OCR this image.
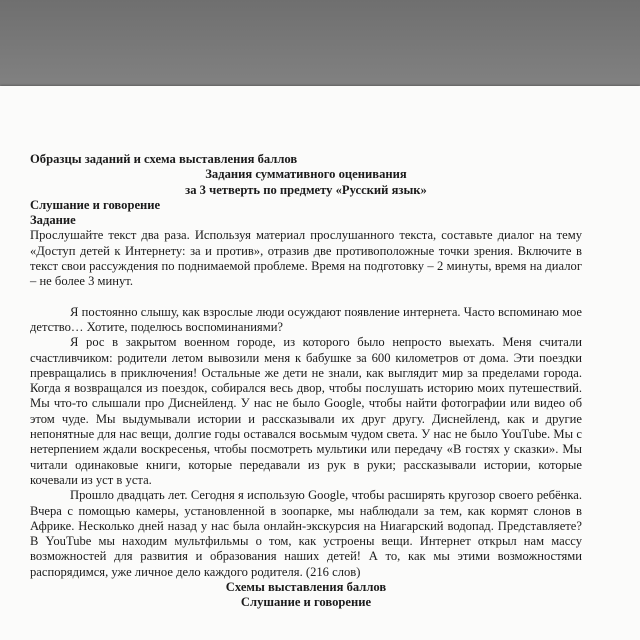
Образцы заданий и схема выставления баллов

Задания суммативного оценивания

за 3 четверть по предмету «Русский язык»

Слушание и говорение

Задание

Прослушайте текст два раза. Используя материал прослушанного текста, составьте диалог на тему «Доступ детей к Интернету: за и против», отразив две противоположные точки зрения. Включите в текст свои рассуждения по поднимаемой проблеме. Время на подготовку – 2 минуты, время на диалог – не более 3 минут.

Я постоянно слышу, как взрослые люди осуждают появление интернета. Часто вспоминаю мое детство… Хотите, поделюсь воспоминаниями?

Я рос в закрытом военном городе, из которого было непросто выехать. Меня считали счастливчиком: родители летом вывозили меня к бабушке за 600 километров от дома. Эти поездки превращались в приключения! Остальные же дети не знали, как выглядит мир за пределами города. Когда я возвращался из поездок, собирался весь двор, чтобы послушать историю моих путешествий. Мы что-то слышали про Диснейленд. У нас не было Google, чтобы найти фотографии или видео об этом чуде. Мы выдумывали истории и рассказывали их друг другу. Диснейленд, как и другие непонятные для нас вещи, долгие годы оставался восьмым чудом света. У нас не было YouTube. Мы с нетерпением ждали воскресенья, чтобы посмотреть мультики или передачу «В гостях у сказки». Мы читали одинаковые книги, которые передавали из рук в руки; рассказывали истории, которые кочевали из уст в уста.

Прошло двадцать лет. Сегодня я использую Google, чтобы расширять кругозор своего ребёнка. Вчера с помощью камеры, установленной в зоопарке, мы наблюдали за тем, как кормят слонов в Африке. Несколько дней назад у нас была онлайн-экскурсия на Ниагарский водопад. Представляете? В YouTube мы находим мультфильмы о том, как устроены вещи. Интернет открыл нам массу возможностей для развития и образования наших детей! А то, как мы этими возможностями распорядимся, уже личное дело каждого родителя. (216 слов)

Схемы выставления баллов

Слушание и говорение
